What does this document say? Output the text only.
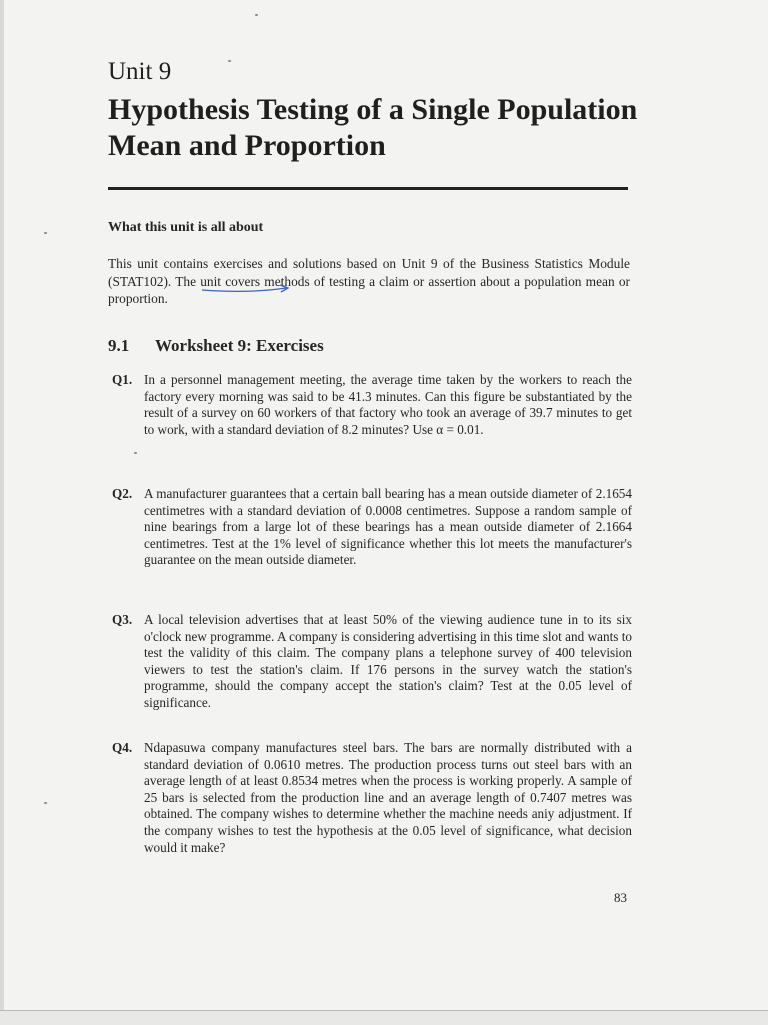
Unit 9
Hypothesis Testing of a Single Population Mean and Proportion
What this unit is all about

This unit contains exercises and solutions based on Unit 9 of the Business Statistics Module (STAT102). The unit covers methods of testing a claim or assertion about a population mean or proportion.

9.1 Worksheet 9: Exercises
Q1. In a personnel management meeting, the average time taken by the workers to reach the factory every morning was said to be 41.3 minutes. Can this figure be substantiated by the result of a survey on 60 workers of that factory who took an average of 39.7 minutes to get to work, with a standard deviation of 8.2 minutes? Use α = 0.01.

Q2. A manufacturer guarantees that a certain ball bearing has a mean outside diameter of 2.1654 centimetres with a standard deviation of 0.0008 centimetres. Suppose a random sample of nine bearings from a large lot of these bearings has a mean outside diameter of 2.1664 centimetres. Test at the 1% level of significance whether this lot meets the manufacturer's guarantee on the mean outside diameter.

Q3. A local television advertises that at least 50% of the viewing audience tune in to its six o'clock new programme. A company is considering advertising in this time slot and wants to test the validity of this claim. The company plans a telephone survey of 400 television viewers to test the station's claim. If 176 persons in the survey watch the station's programme, should the company accept the station's claim? Test at the 0.05 level of significance.

Q4. Ndapasuwa company manufactures steel bars. The bars are normally distributed with a standard deviation of 0.0610 metres. The production process turns out steel bars with an average length of at least 0.8534 metres when the process is working properly. A sample of 25 bars is selected from the production line and an average length of 0.7407 metres was obtained. The company wishes to determine whether the machine needs aniy adjustment. If the company wishes to test the hypothesis at the 0.05 level of significance, what decision would it make?

83
